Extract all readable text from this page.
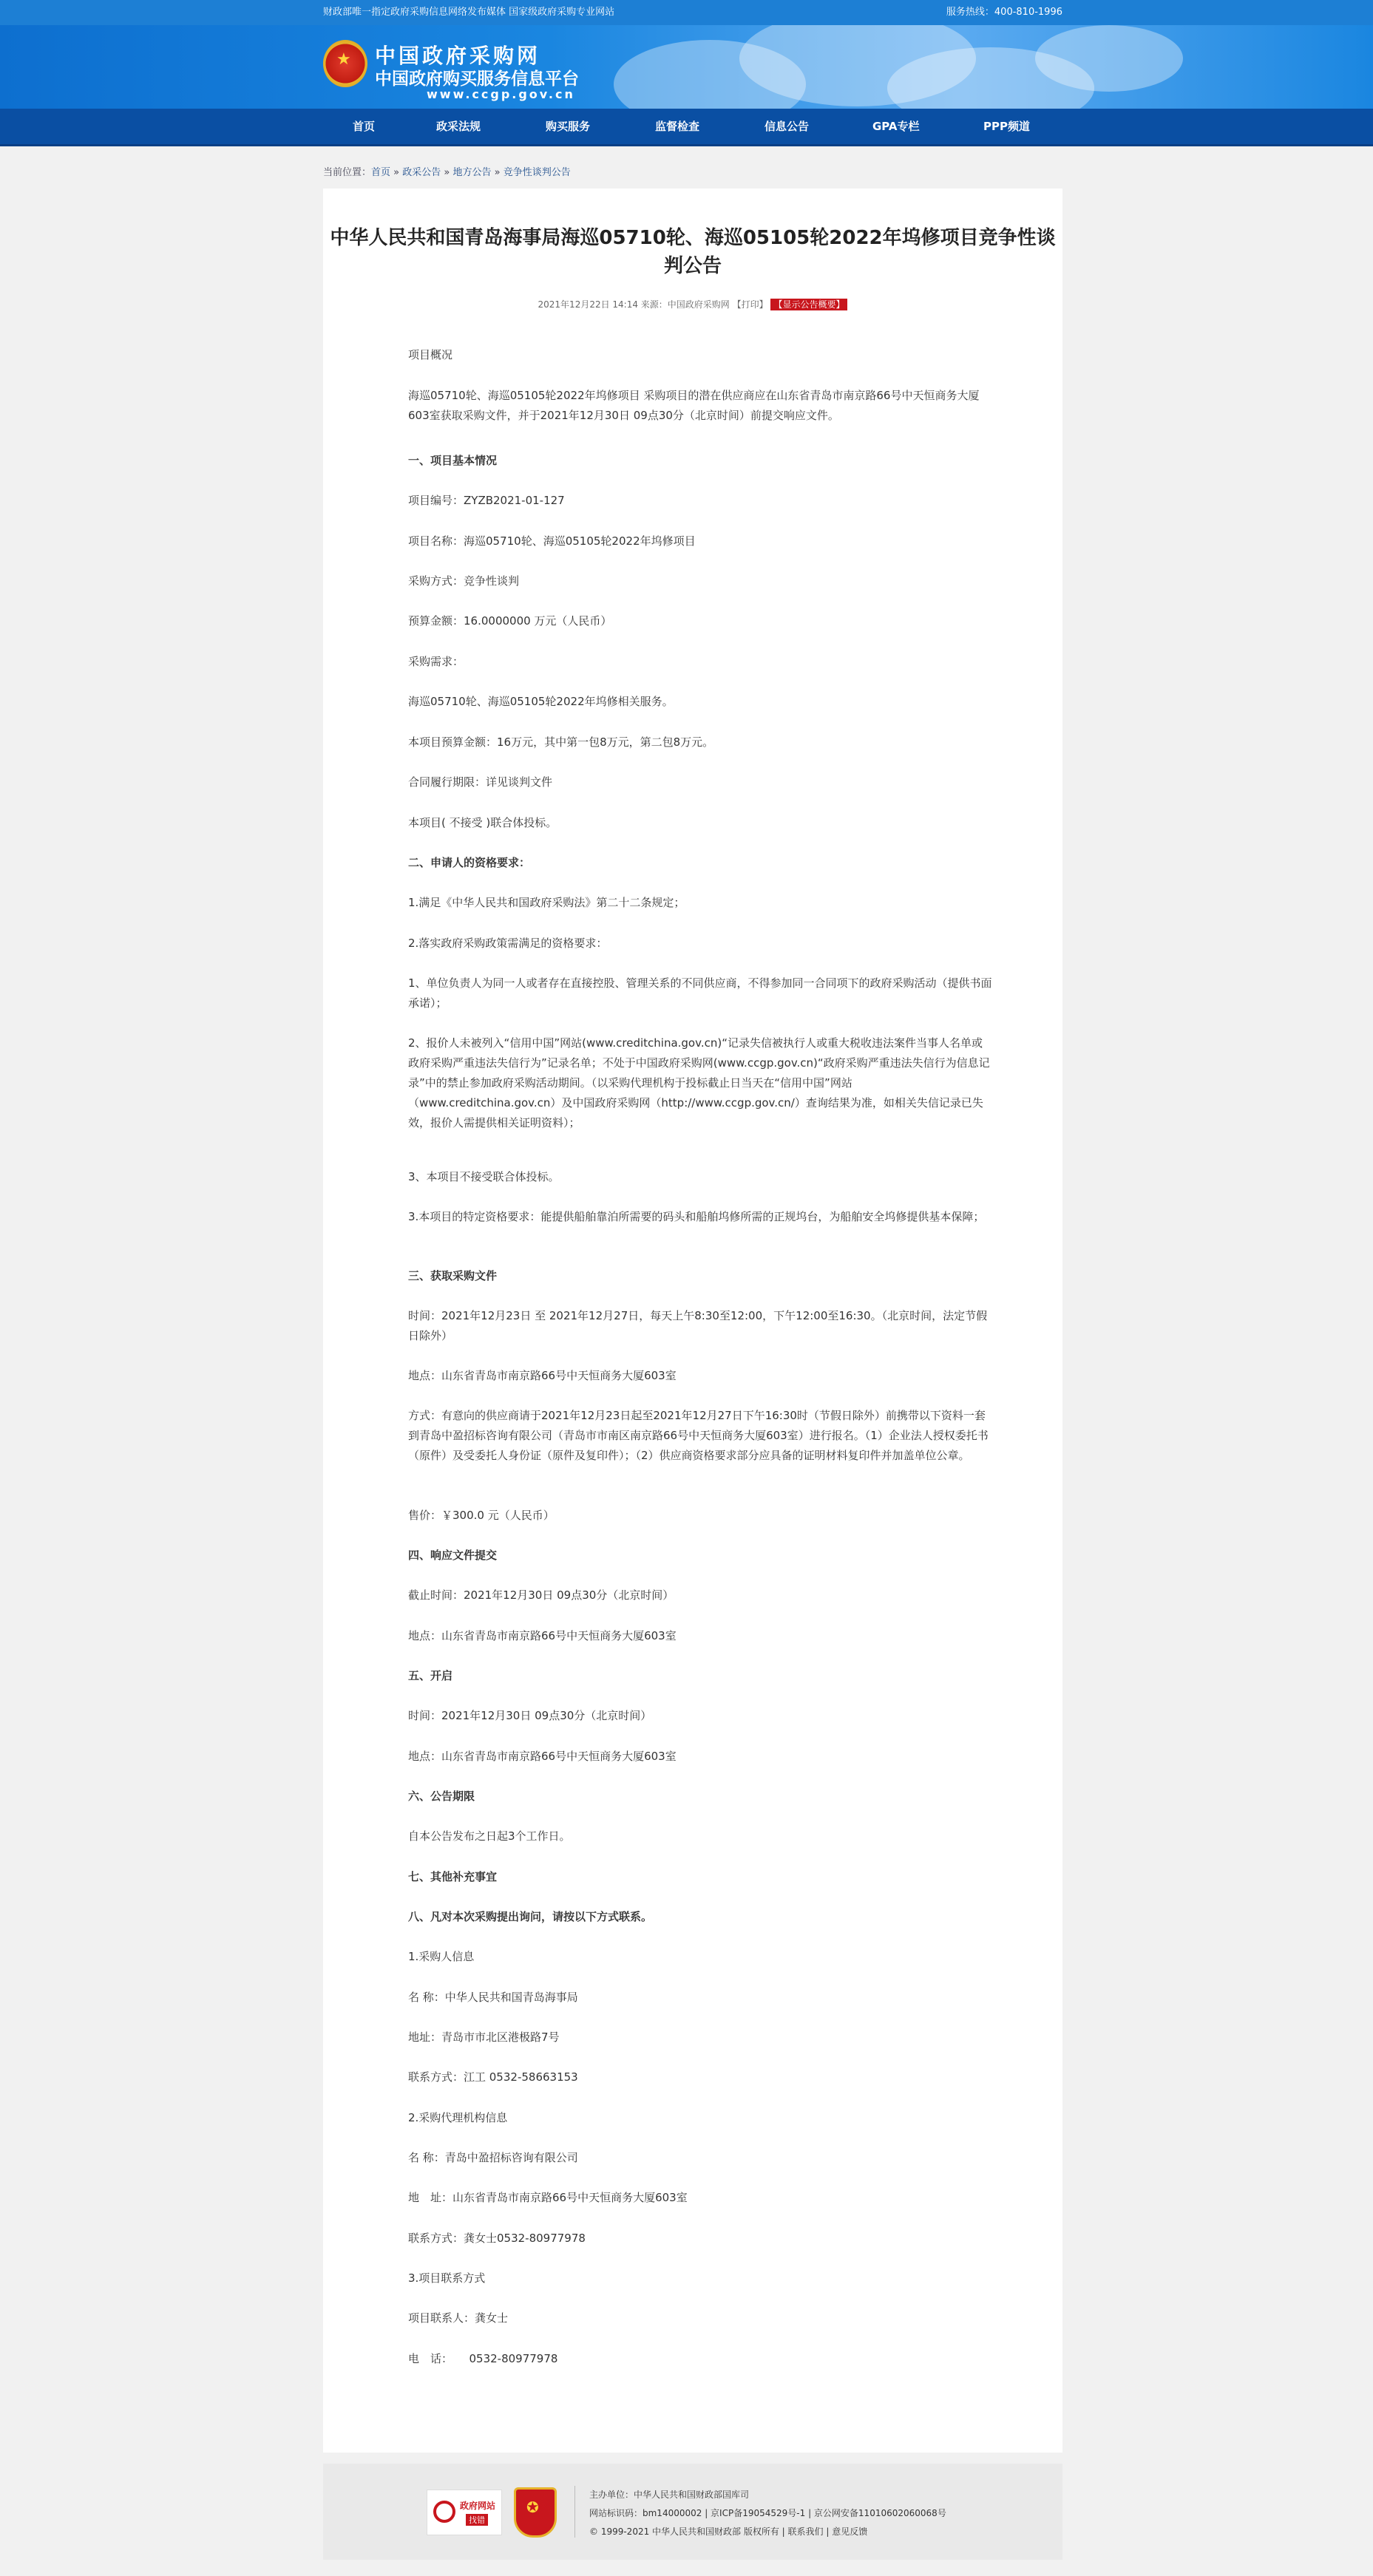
财政部唯一指定政府采购信息网络发布媒体 国家级政府采购专业网站	服务热线：400-810-1996
★ 中国政府采购网
中国政府购买服务信息平台
www.ccgp.gov.cn
首页	政采法规	购买服务	监督检查	信息公告	GPA专栏	PPP频道
当前位置：首页 » 政采公告 » 地方公告 » 竞争性谈判公告
中华人民共和国青岛海事局海巡05710轮、海巡05105轮2022年坞修项目竞争性谈判公告
2021年12月22日 14:14 来源：中国政府采购网 【打印】 【显示公告概要】
项目概况
海巡05710轮、海巡05105轮2022年坞修项目 采购项目的潜在供应商应在山东省青岛市南京路66号中天恒商务大厦603室获取采购文件，并于2021年12月30日 09点30分（北京时间）前提交响应文件。
一、项目基本情况
项目编号：ZYZB2021-01-127
项目名称：海巡05710轮、海巡05105轮2022年坞修项目
采购方式：竞争性谈判
预算金额：16.0000000 万元（人民币）
采购需求：
海巡05710轮、海巡05105轮2022年坞修相关服务。
本项目预算金额：16万元，其中第一包8万元，第二包8万元。
合同履行期限：详见谈判文件
本项目( 不接受 )联合体投标。
二、申请人的资格要求：
1.满足《中华人民共和国政府采购法》第二十二条规定；
2.落实政府采购政策需满足的资格要求：
1、单位负责人为同一人或者存在直接控股、管理关系的不同供应商，不得参加同一合同项下的政府采购活动（提供书面承诺）；
2、报价人未被列入“信用中国”网站(www.creditchina.gov.cn)“记录失信被执行人或重大税收违法案件当事人名单或政府采购严重违法失信行为”记录名单；不处于中国政府采购网(www.ccgp.gov.cn)“政府采购严重违法失信行为信息记录”中的禁止参加政府采购活动期间。（以采购代理机构于投标截止日当天在“信用中国”网站（www.creditchina.gov.cn）及中国政府采购网（http://www.ccgp.gov.cn/）查询结果为准，如相关失信记录已失效，报价人需提供相关证明资料）；
3、本项目不接受联合体投标。
3.本项目的特定资格要求：能提供船舶靠泊所需要的码头和船舶坞修所需的正规坞台，为船舶安全坞修提供基本保障；
三、获取采购文件
时间：2021年12月23日 至 2021年12月27日，每天上午8:30至12:00，下午12:00至16:30。（北京时间，法定节假日除外）
地点：山东省青岛市南京路66号中天恒商务大厦603室
方式：有意向的供应商请于2021年12月23日起至2021年12月27日下午16:30时（节假日除外）前携带以下资料一套到青岛中盈招标咨询有限公司（青岛市市南区南京路66号中天恒商务大厦603室）进行报名。（1）企业法人授权委托书（原件）及受委托人身份证（原件及复印件）；（2）供应商资格要求部分应具备的证明材料复印件并加盖单位公章。
售价：￥300.0 元（人民币）
四、响应文件提交
截止时间：2021年12月30日 09点30分（北京时间）
地点：山东省青岛市南京路66号中天恒商务大厦603室
五、开启
时间：2021年12月30日 09点30分（北京时间）
地点：山东省青岛市南京路66号中天恒商务大厦603室
六、公告期限
自本公告发布之日起3个工作日。
七、其他补充事宜
八、凡对本次采购提出询问，请按以下方式联系。
1.采购人信息
名 称：中华人民共和国青岛海事局
地址：青岛市市北区港极路7号
联系方式：江工 0532-58663153
2.采购代理机构信息
名 称：青岛中盈招标咨询有限公司
地　址：山东省青岛市南京路66号中天恒商务大厦603室
联系方式：龚女士0532-80977978
3.项目联系方式
项目联系人：龚女士
电　话：　　0532-80977978
政府网站
找错
✪
主办单位：中华人民共和国财政部国库司
网站标识码：bm14000002 | 京ICP备19054529号-1 | 京公网安备11010602060068号
© 1999-2021 中华人民共和国财政部 版权所有 | 联系我们 | 意见反馈
